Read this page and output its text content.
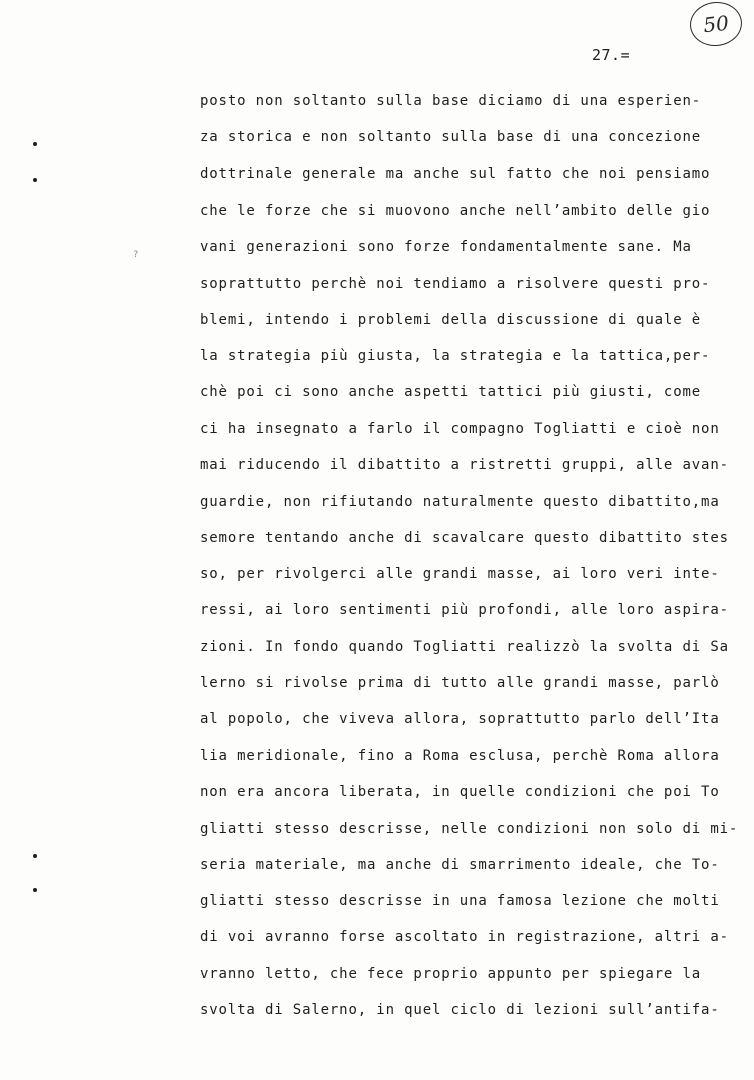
50
27.=
?
posto non soltanto sulla base diciamo di una esperien-
za storica e non soltanto sulla base di una concezione
dottrinale generale ma anche sul fatto che noi pensiamo
che le forze che si muovono anche nell’ambito delle gio
vani generazioni sono forze fondamentalmente sane. Ma
soprattutto perchè noi tendiamo a risolvere questi pro-
blemi, intendo i problemi della discussione di quale è
la strategia più giusta, la strategia e la tattica,per-
chè poi ci sono anche aspetti tattici più giusti, come
ci ha insegnato a farlo il compagno Togliatti e cioè non
mai riducendo il dibattito a ristretti gruppi, alle avan-
guardie, non rifiutando naturalmente questo dibattito,ma
semore tentando anche di scavalcare questo dibattito stes
so, per rivolgerci alle grandi masse, ai loro veri inte-
ressi, ai loro sentimenti più profondi, alle loro aspira-
zioni. In fondo quando Togliatti realizzò la svolta di Sa
lerno si rivolse prima di tutto alle grandi masse, parlò
al popolo, che viveva allora, soprattutto parlo dell’Ita
lia meridionale, fino a Roma esclusa, perchè Roma allora
non era ancora liberata, in quelle condizioni che poi To
gliatti stesso descrisse, nelle condizioni non solo di mi-
seria materiale, ma anche di smarrimento ideale, che To-
gliatti stesso descrisse in una famosa lezione che molti
di voi avranno forse ascoltato in registrazione, altri a-
vranno letto, che fece proprio appunto per spiegare la
svolta di Salerno, in quel ciclo di lezioni sull’antifa-
